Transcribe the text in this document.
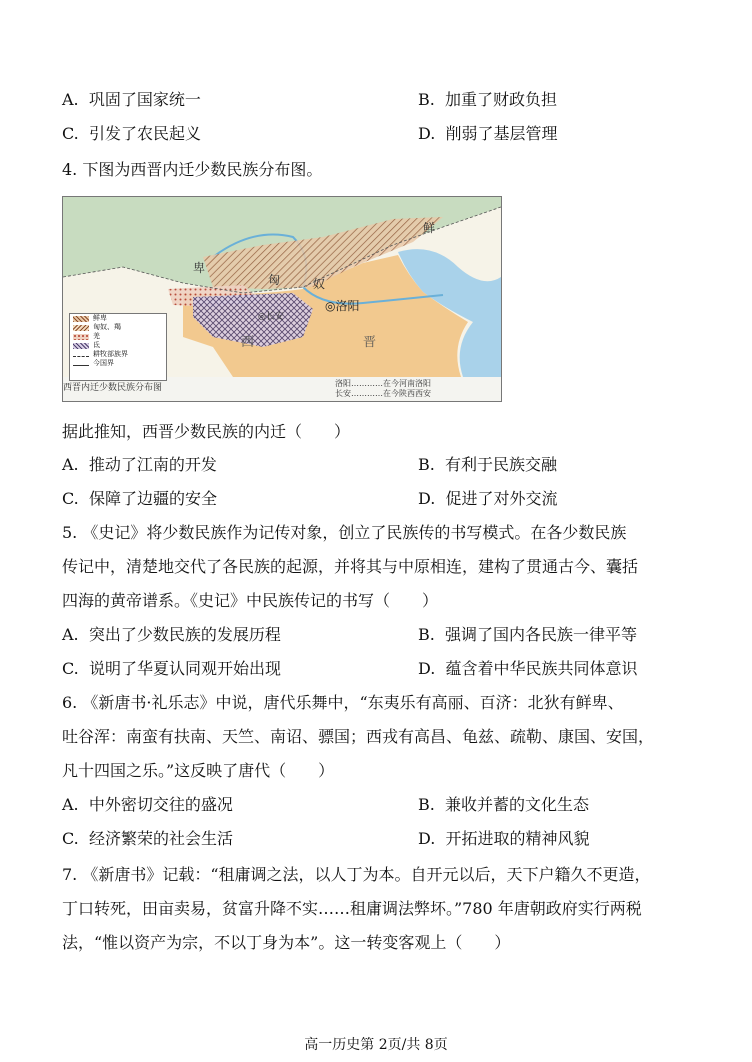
A. 巩固了国家统一	B. 加重了财政负担
C. 引发了农民起义	D. 削弱了基层管理
4. 下图为西晋内迁少数民族分布图。
鲜
卑
匈	奴
◎洛阳
◎长安
西	晋
鲜卑
匈奴、羯
羌
氐
耕牧部族界
今国界
西晋内迁少数民族分布图	洛阳…………在今河南洛阳
长安…………在今陕西西安
据此推知，西晋少数民族的内迁（　　）
A. 推动了江南的开发	B. 有利于民族交融
C. 保障了边疆的安全	D. 促进了对外交流
5. 《史记》将少数民族作为记传对象，创立了民族传的书写模式。在各少数民族
传记中，清楚地交代了各民族的起源，并将其与中原相连，建构了贯通古今、囊括
四海的黄帝谱系。《史记》中民族传记的书写（　　）
A. 突出了少数民族的发展历程	B. 强调了国内各民族一律平等
C. 说明了华夏认同观开始出现	D. 蕴含着中华民族共同体意识
6. 《新唐书·礼乐志》中说，唐代乐舞中，“东夷乐有高丽、百济：北狄有鲜卑、
吐谷浑：南蛮有扶南、天竺、南诏、骠国；西戎有高昌、龟兹、疏勒、康国、安国，
凡十四国之乐。”这反映了唐代（　　）
A. 中外密切交往的盛况	B. 兼收并蓄的文化生态
C. 经济繁荣的社会生活	D. 开拓进取的精神风貌
7. 《新唐书》记载：“租庸调之法，以人丁为本。自开元以后，天下户籍久不更造，
丁口转死，田亩卖易，贫富升降不实……租庸调法弊坏。”780 年唐朝政府实行两税
法，“惟以资产为宗，不以丁身为本”。这一转变客观上（　　）
高一历史第 2页/共 8页
